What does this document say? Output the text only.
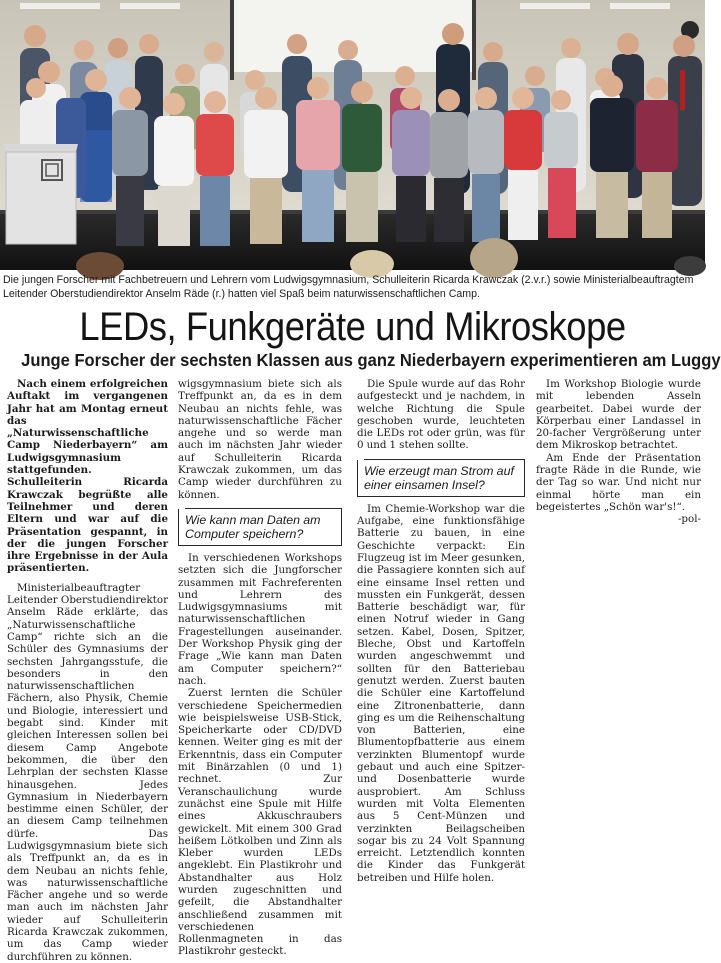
Die jungen Forscher mit Fachbetreuern und Lehrern vom Ludwigsgymnasium, Schulleiterin Ricarda Krawczak (2.v.r.) sowie Ministerialbeauftragtem Leitender Oberstudiendirektor Anselm Räde (r.) hatten viel Spaß beim naturwissenschaftlichen Camp.

LEDs, Funkgeräte und Mikroskope
Junge Forscher der sechsten Klassen aus ganz Niederbayern experimentieren am Luggy

Nach einem erfolgreichen Auftakt im vergangenen Jahr hat am Montag erneut das „Naturwissenschaftliche Camp Niederbayern“ am Ludwigsgymnasium stattgefunden. Schulleiterin Ricarda Krawczak begrüßte alle Teilnehmer und deren Eltern und war auf die Präsentation gespannt, in der die jungen Forscher ihre Ergebnisse in der Aula präsentierten.

Ministerialbeauftragter Leitender Oberstudiendirektor Anselm Räde erklärte, das „Naturwissenschaftliche Camp“ richte sich an die Schüler des Gymnasiums der sechsten Jahrgangsstufe, die besonders in den naturwissenschaftlichen Fächern, also Physik, Chemie und Biologie, interessiert und begabt sind. Kinder mit gleichen Interessen sollen bei diesem Camp Angebote bekommen, die über den Lehrplan der sechsten Klasse hinausgehen. Jedes Gymnasium in Niederbayern bestimme einen Schüler, der an diesem Camp teilnehmen dürfe. Das Ludwigsgymnasium biete sich als Treffpunkt an, da es in dem Neubau an nichts fehle, was naturwissenschaftliche Fächer angehe und so werde man auch im nächsten Jahr wieder auf Schulleiterin Ricarda Krawczak zukommen, um das Camp wieder durchführen zu können.

wigsgymnasium biete sich als Treffpunkt an, da es in dem Neubau an nichts fehle, was naturwissenschaftliche Fächer angehe und so werde man auch im nächsten Jahr wieder auf Schulleiterin Ricarda Krawczak zukommen, um das Camp wieder durchführen zu können.

Wie kann man Daten am Computer speichern?

In verschiedenen Workshops setzten sich die Jungforscher zusammen mit Fachreferenten und Lehrern des Ludwigsgymnasiums mit naturwissenschaftlichen Fragestellungen auseinander. Der Workshop Physik ging der Frage „Wie kann man Daten am Computer speichern?“ nach.

Zuerst lernten die Schüler verschiedene Speichermedien wie beispielsweise USB-Stick, Speicherkarte oder CD/DVD kennen. Weiter ging es mit der Erkenntnis, dass ein Computer mit Binärzahlen (0 und 1) rechnet. Zur Veranschaulichung wurde zunächst eine Spule mit Hilfe eines Akkuschraubers gewickelt. Mit einem 300 Grad heißem Lötkolben und Zinn als Kleber wurden LEDs angeklebt. Ein Plastikrohr und Abstandhalter aus Holz wurden zugeschnitten und gefeilt, die Abstandhalter anschließend zusammen mit verschiedenen Rollenmagneten in das Plastikrohr gesteckt.

Die Spule wurde auf das Rohr aufgesteckt und je nachdem, in welche Richtung die Spule geschoben wurde, leuchteten die LEDs rot oder grün, was für 0 und 1 stehen sollte.

Wie erzeugt man Strom auf einer einsamen Insel?

Im Chemie-Workshop war die Aufgabe, eine funktionsfähige Batterie zu bauen, in eine Geschichte verpackt: Ein Flugzeug ist im Meer gesunken, die Passagiere konnten sich auf eine einsame Insel retten und mussten ein Funkgerät, dessen Batterie beschädigt war, für einen Notruf wieder in Gang setzen. Kabel, Dosen, Spitzer, Bleche, Obst und Kartoffeln wurden angeschwemmt und sollten für den Batteriebau genutzt werden. Zuerst bauten die Schüler eine Kartoffelund eine Zitronenbatterie, dann ging es um die Reihenschaltung von Batterien, eine Blumentopfbatterie aus einem verzinkten Blumentopf wurde gebaut und auch eine Spitzer- und Dosenbatterie wurde ausprobiert. Am Schluss wurden mit Volta Elementen aus 5 Cent-Münzen und verzinkten Beilagscheiben sogar bis zu 24 Volt Spannung erreicht. Letztendlich konnten die Kinder das Funkgerät betreiben und Hilfe holen.

Im Workshop Biologie wurde mit lebenden Asseln gearbeitet. Dabei wurde der Körperbau einer Landassel in 20-facher Vergrößerung unter dem Mikroskop betrachtet.

Am Ende der Präsentation fragte Räde in die Runde, wie der Tag so war. Und nicht nur einmal hörte man ein begeistertes „Schön war's!“.

-pol-
